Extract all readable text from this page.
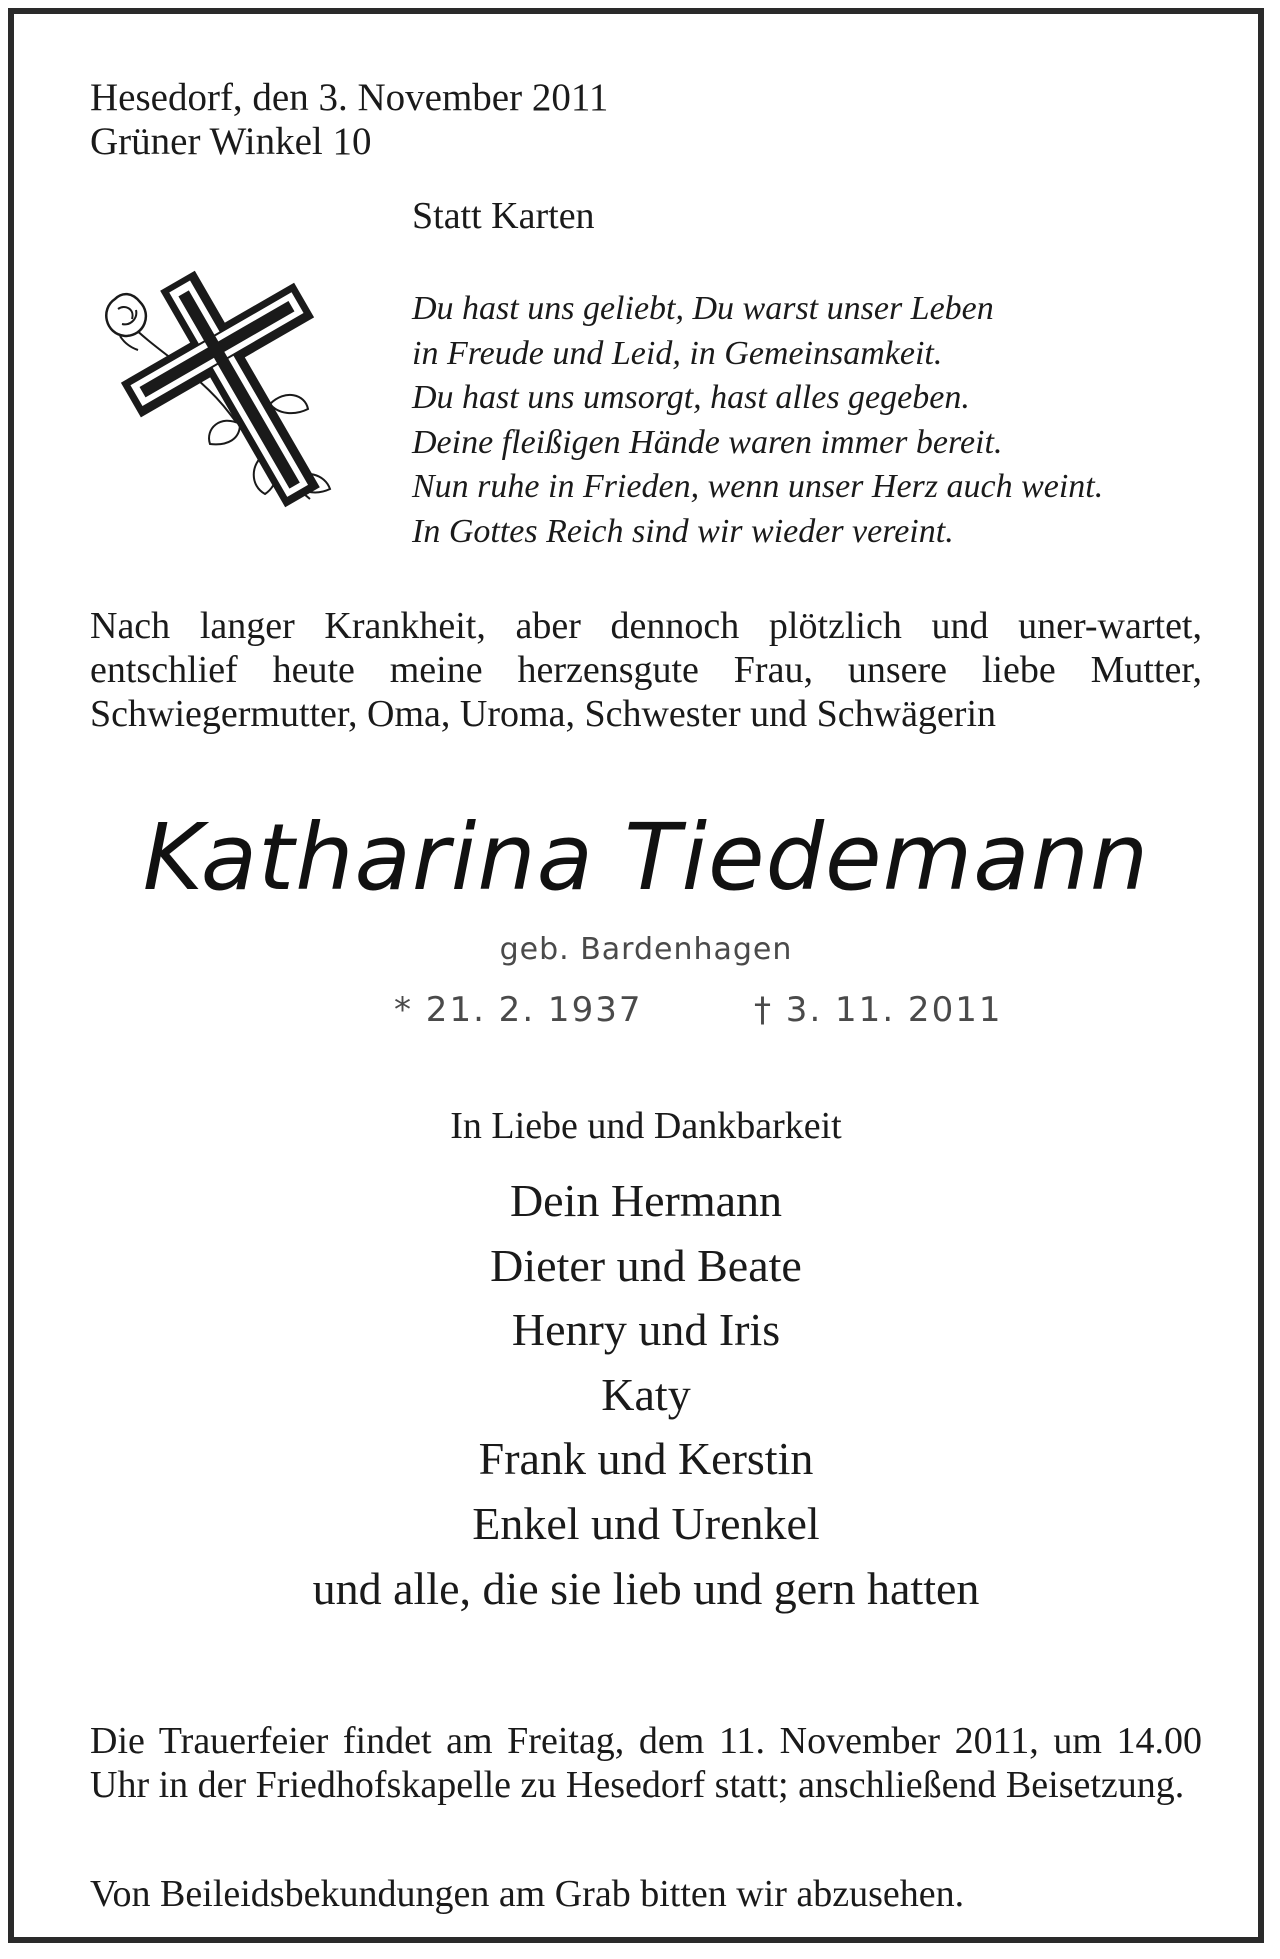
Hesedorf, den 3. November 2011
Grüner Winkel 10
Statt Karten
Du hast uns geliebt, Du warst unser Leben
in Freude und Leid, in Gemeinsamkeit.
Du hast uns umsorgt, hast alles gegeben.
Deine fleißigen Hände waren immer bereit.
Nun ruhe in Frieden, wenn unser Herz auch weint.
In Gottes Reich sind wir wieder vereint.
Nach langer Krankheit, aber dennoch plötzlich und uner-wartet, entschlief heute meine herzensgute Frau, unsere liebe Mutter, Schwiegermutter, Oma, Uroma, Schwester und Schwägerin
Katharina Tiedemann
geb. Bardenhagen
* 21. 2. 1937	† 3. 11. 2011
In Liebe und Dankbarkeit
Dein Hermann
Dieter und Beate
Henry und Iris
Katy
Frank und Kerstin
Enkel und Urenkel
und alle, die sie lieb und gern hatten
Die Trauerfeier findet am Freitag, dem 11. November 2011, um 14.00 Uhr in der Friedhofskapelle zu Hesedorf statt; anschließend Beisetzung.
Von Beileidsbekundungen am Grab bitten wir abzusehen.
